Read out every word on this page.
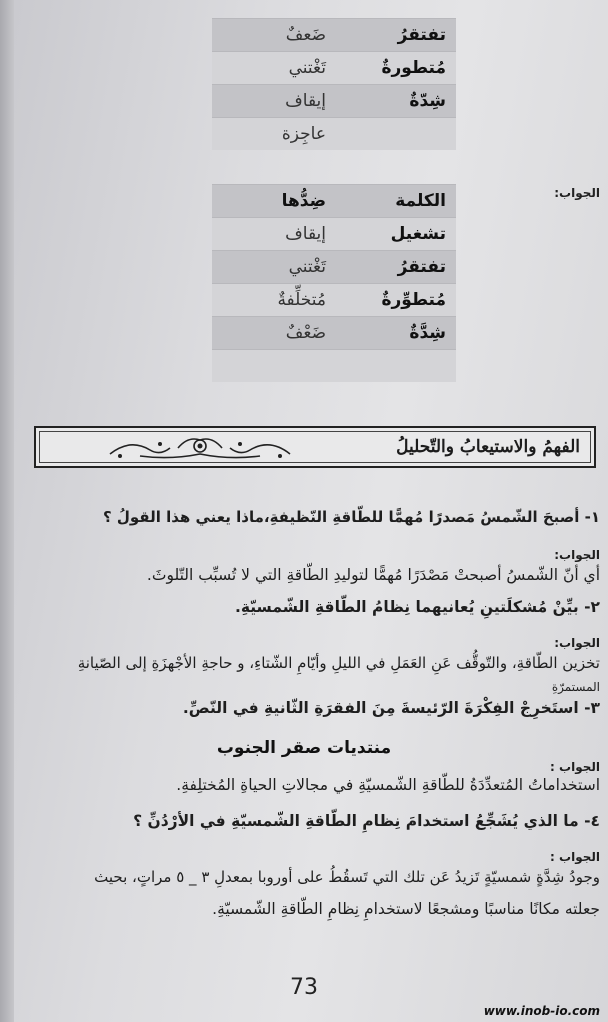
تفتقرُ	ضَعفٌ
مُتطورةٌ	تَغْتني
شِدّةٌ	إيقاف
	عاجِزة
الجواب:
الكلمة	ضِدُّها
تشغيل	إيقاف
تفتقرُ	تَغْتني
مُتطوِّرةٌ	مُتخلِّفةٌ
شِدَّةٌ	ضَعْفٌ

الفهمُ والاستيعابُ والتّحليلُ
١- أصبحَ الشّمسُ مَصدرًا مُهمًّا للطّاقةِ النّظيفةِ،ماذا يعني هذا القولُ ؟
الجواب:
أي أنّ الشّمسُ أصبحتْ مَصْدَرًا مُهمًّا لتوليدِ الطّاقةِ التي لا تُسبِّب التّلوثَ.
٢- بيِّنْ مُشكلَتينِ يُعانيهما نِظامُ الطّاقةِ الشّمسيّةِ.
الجواب:
تخزين الطّاقةِ، والتّوقُّف عَنِ العَمَلِ في الليلِ وأيّامِ الشّتاءِ، و حاجةِ الأجْهزَةِ إلى الصّيانةِ
المستمرّةِ
٣- استَخرِجْ الفِكْرَةَ الرّئيسةَ مِنَ الفقرَةِ الثّانيةِ في النّصِّ.
منتديات صقر الجنوب
الجواب :
استخداماتُ المُتعدِّدَةُ للطّاقةِ الشّمسيّةِ في مجالاتِ الحياةِ المُختلِفةِ.
٤- ما الذي يُشَجِّعُ استخدامَ نِظامِ الطّاقةِ الشّمسيّةِ في الأرْدُنِّ ؟
الجواب :
وجودُ شِدَّةٍ شمسيّةٍ تَزيدُ عَن تلك التي تَسقُطُ على أوروبا بمعدلِ ٣ _ ٥ مراتٍ، بحيث
جعلته مكانًا مناسبًا ومشجعًا لاستخدامِ نِظامِ الطّاقةِ الشّمسيّةِ.
73
www.inob-io.com
